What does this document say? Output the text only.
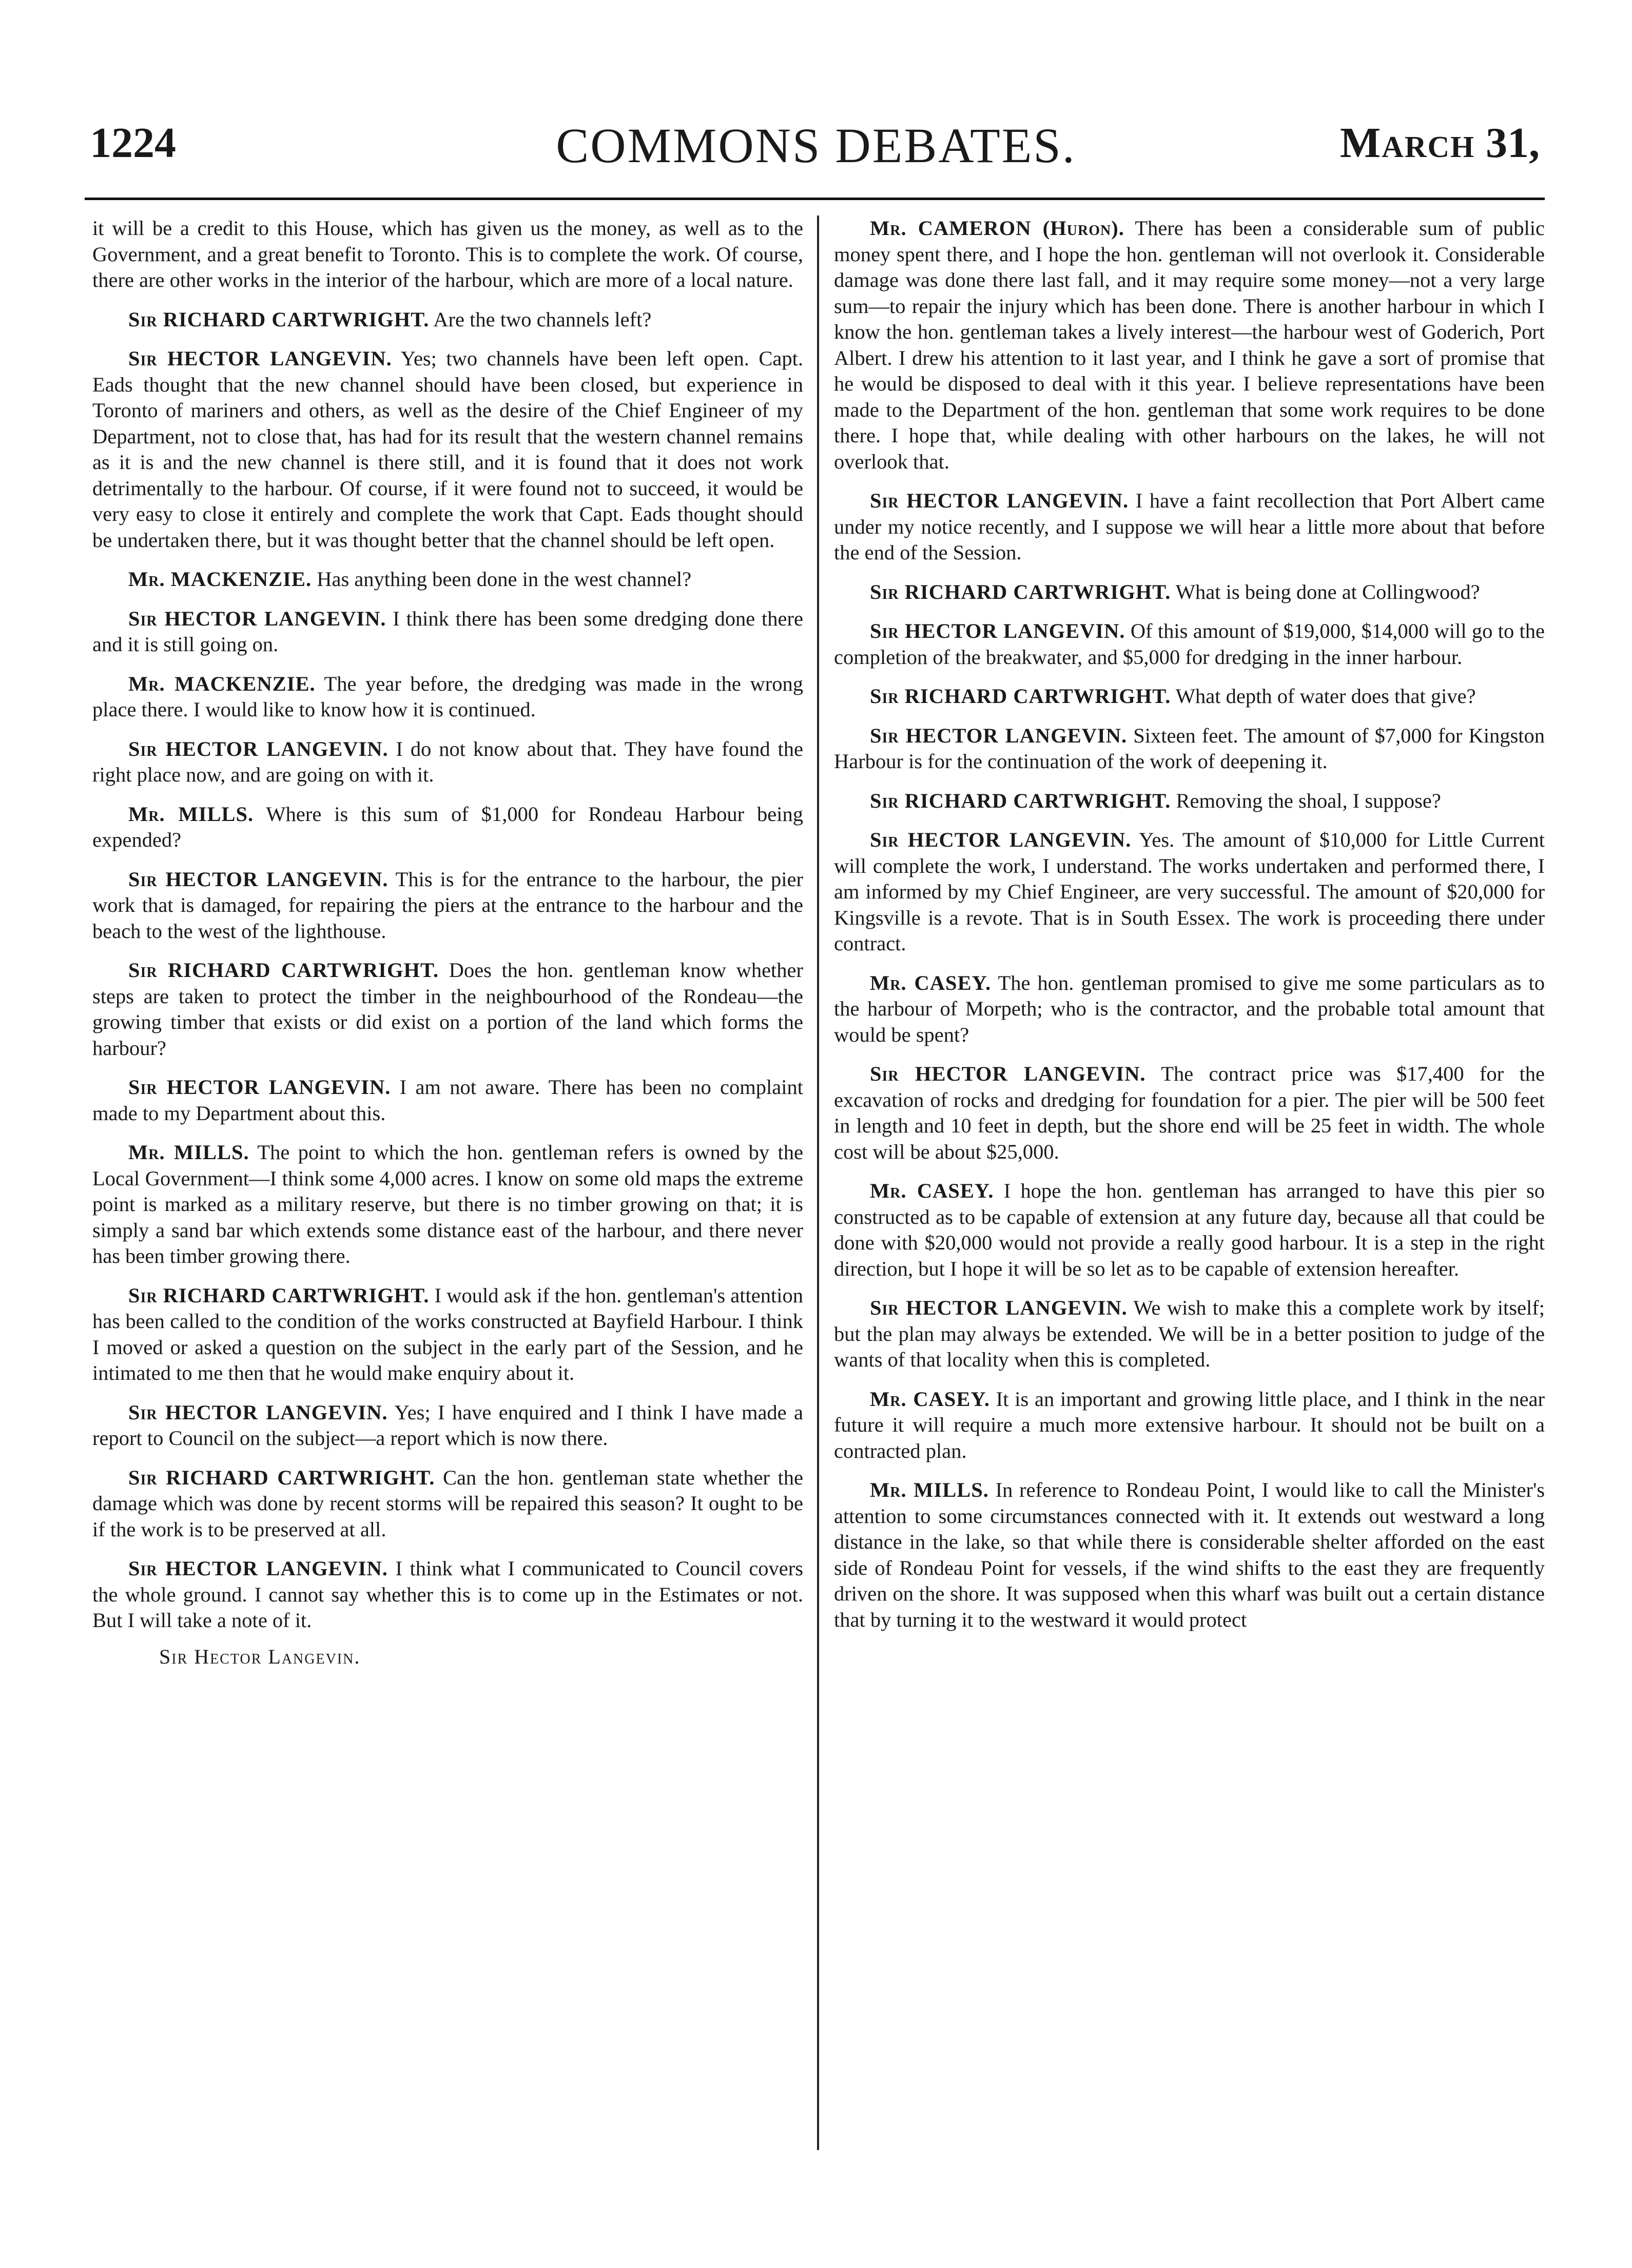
1224	COMMONS DEBATES.	March 31,

it will be a credit to this House, which has given us the money, as well as to the Government, and a great benefit to Toronto. This is to complete the work. Of course, there are other works in the interior of the harbour, which are more of a local nature.

Sir RICHARD CARTWRIGHT. Are the two channels left?

Sir HECTOR LANGEVIN. Yes; two channels have been left open. Capt. Eads thought that the new channel should have been closed, but experience in Toronto of mariners and others, as well as the desire of the Chief Engineer of my Department, not to close that, has had for its result that the western channel remains as it is and the new channel is there still, and it is found that it does not work detrimentally to the harbour. Of course, if it were found not to succeed, it would be very easy to close it entirely and complete the work that Capt. Eads thought should be undertaken there, but it was thought better that the channel should be left open.

Mr. MACKENZIE. Has anything been done in the west channel?

Sir HECTOR LANGEVIN. I think there has been some dredging done there and it is still going on.

Mr. MACKENZIE. The year before, the dredging was made in the wrong place there. I would like to know how it is continued.

Sir HECTOR LANGEVIN. I do not know about that. They have found the right place now, and are going on with it.

Mr. MILLS. Where is this sum of $1,000 for Rondeau Harbour being expended?

Sir HECTOR LANGEVIN. This is for the entrance to the harbour, the pier work that is damaged, for repairing the piers at the entrance to the harbour and the beach to the west of the lighthouse.

Sir RICHARD CARTWRIGHT. Does the hon. gentleman know whether steps are taken to protect the timber in the neighbourhood of the Rondeau—the growing timber that exists or did exist on a portion of the land which forms the harbour?

Sir HECTOR LANGEVIN. I am not aware. There has been no complaint made to my Department about this.

Mr. MILLS. The point to which the hon. gentleman refers is owned by the Local Government—I think some 4,000 acres. I know on some old maps the extreme point is marked as a military reserve, but there is no timber growing on that; it is simply a sand bar which extends some distance east of the harbour, and there never has been timber growing there.

Sir RICHARD CARTWRIGHT. I would ask if the hon. gentleman's attention has been called to the condition of the works constructed at Bayfield Harbour. I think I moved or asked a question on the subject in the early part of the Session, and he intimated to me then that he would make enquiry about it.

Sir HECTOR LANGEVIN. Yes; I have enquired and I think I have made a report to Council on the subject—a report which is now there.

Sir RICHARD CARTWRIGHT. Can the hon. gentleman state whether the damage which was done by recent storms will be repaired this season? It ought to be if the work is to be preserved at all.

Sir HECTOR LANGEVIN. I think what I communicated to Council covers the whole ground. I cannot say whether this is to come up in the Estimates or not. But I will take a note of it.

Sir Hector Langevin.

Mr. CAMERON (Huron). There has been a considerable sum of public money spent there, and I hope the hon. gentleman will not overlook it. Considerable damage was done there last fall, and it may require some money—not a very large sum—to repair the injury which has been done. There is another harbour in which I know the hon. gentleman takes a lively interest—the harbour west of Goderich, Port Albert. I drew his attention to it last year, and I think he gave a sort of promise that he would be disposed to deal with it this year. I believe representations have been made to the Department of the hon. gentleman that some work requires to be done there. I hope that, while dealing with other harbours on the lakes, he will not overlook that.

Sir HECTOR LANGEVIN. I have a faint recollection that Port Albert came under my notice recently, and I suppose we will hear a little more about that before the end of the Session.

Sir RICHARD CARTWRIGHT. What is being done at Collingwood?

Sir HECTOR LANGEVIN. Of this amount of $19,000, $14,000 will go to the completion of the breakwater, and $5,000 for dredging in the inner harbour.

Sir RICHARD CARTWRIGHT. What depth of water does that give?

Sir HECTOR LANGEVIN. Sixteen feet. The amount of $7,000 for Kingston Harbour is for the continuation of the work of deepening it.

Sir RICHARD CARTWRIGHT. Removing the shoal, I suppose?

Sir HECTOR LANGEVIN. Yes. The amount of $10,000 for Little Current will complete the work, I understand. The works undertaken and performed there, I am informed by my Chief Engineer, are very successful. The amount of $20,000 for Kingsville is a revote. That is in South Essex. The work is proceeding there under contract.

Mr. CASEY. The hon. gentleman promised to give me some particulars as to the harbour of Morpeth; who is the contractor, and the probable total amount that would be spent?

Sir HECTOR LANGEVIN. The contract price was $17,400 for the excavation of rocks and dredging for foundation for a pier. The pier will be 500 feet in length and 10 feet in depth, but the shore end will be 25 feet in width. The whole cost will be about $25,000.

Mr. CASEY. I hope the hon. gentleman has arranged to have this pier so constructed as to be capable of extension at any future day, because all that could be done with $20,000 would not provide a really good harbour. It is a step in the right direction, but I hope it will be so let as to be capable of extension hereafter.

Sir HECTOR LANGEVIN. We wish to make this a complete work by itself; but the plan may always be extended. We will be in a better position to judge of the wants of that locality when this is completed.

Mr. CASEY. It is an important and growing little place, and I think in the near future it will require a much more extensive harbour. It should not be built on a contracted plan.

Mr. MILLS. In reference to Rondeau Point, I would like to call the Minister's attention to some circumstances connected with it. It extends out westward a long distance in the lake, so that while there is considerable shelter afforded on the east side of Rondeau Point for vessels, if the wind shifts to the east they are frequently driven on the shore. It was supposed when this wharf was built out a certain distance that by turning it to the westward it would protect
